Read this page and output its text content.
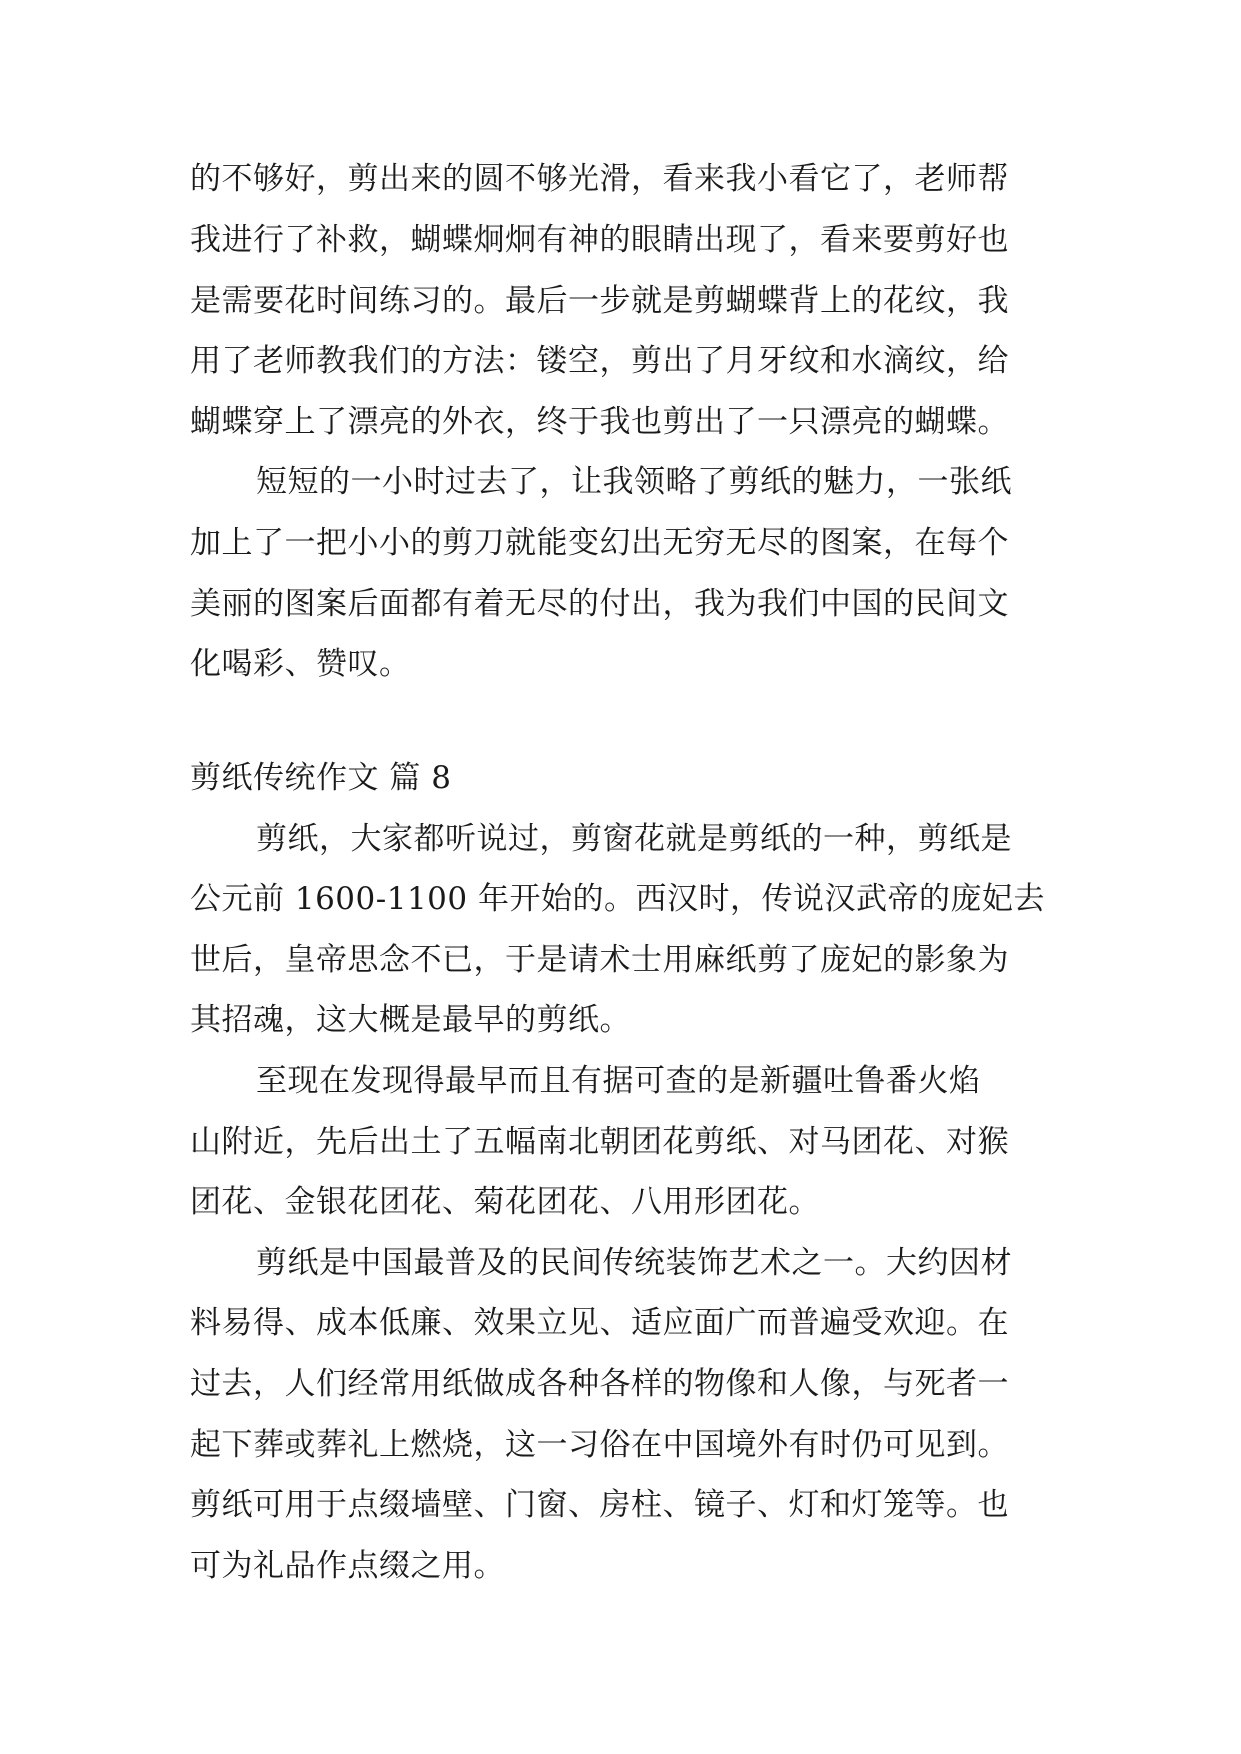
的不够好，剪出来的圆不够光滑，看来我小看它了，老师帮
我进行了补救，蝴蝶炯炯有神的眼睛出现了，看来要剪好也
是需要花时间练习的。最后一步就是剪蝴蝶背上的花纹，我
用了老师教我们的方法：镂空，剪出了月牙纹和水滴纹，给
蝴蝶穿上了漂亮的外衣，终于我也剪出了一只漂亮的蝴蝶。
短短的一小时过去了，让我领略了剪纸的魅力，一张纸
加上了一把小小的剪刀就能变幻出无穷无尽的图案，在每个
美丽的图案后面都有着无尽的付出，我为我们中国的民间文
化喝彩、赞叹。
剪纸传统作文 篇 8
剪纸，大家都听说过，剪窗花就是剪纸的一种，剪纸是
公元前 1600-1100 年开始的。西汉时，传说汉武帝的庞妃去
世后，皇帝思念不已，于是请术士用麻纸剪了庞妃的影象为
其招魂，这大概是最早的剪纸。
至现在发现得最早而且有据可查的是新疆吐鲁番火焰
山附近，先后出土了五幅南北朝团花剪纸、对马团花、对猴
团花、金银花团花、菊花团花、八用形团花。
剪纸是中国最普及的民间传统装饰艺术之一。大约因材
料易得、成本低廉、效果立见、适应面广而普遍受欢迎。在
过去，人们经常用纸做成各种各样的物像和人像，与死者一
起下葬或葬礼上燃烧，这一习俗在中国境外有时仍可见到。
剪纸可用于点缀墙壁、门窗、房柱、镜子、灯和灯笼等。也
可为礼品作点缀之用。
